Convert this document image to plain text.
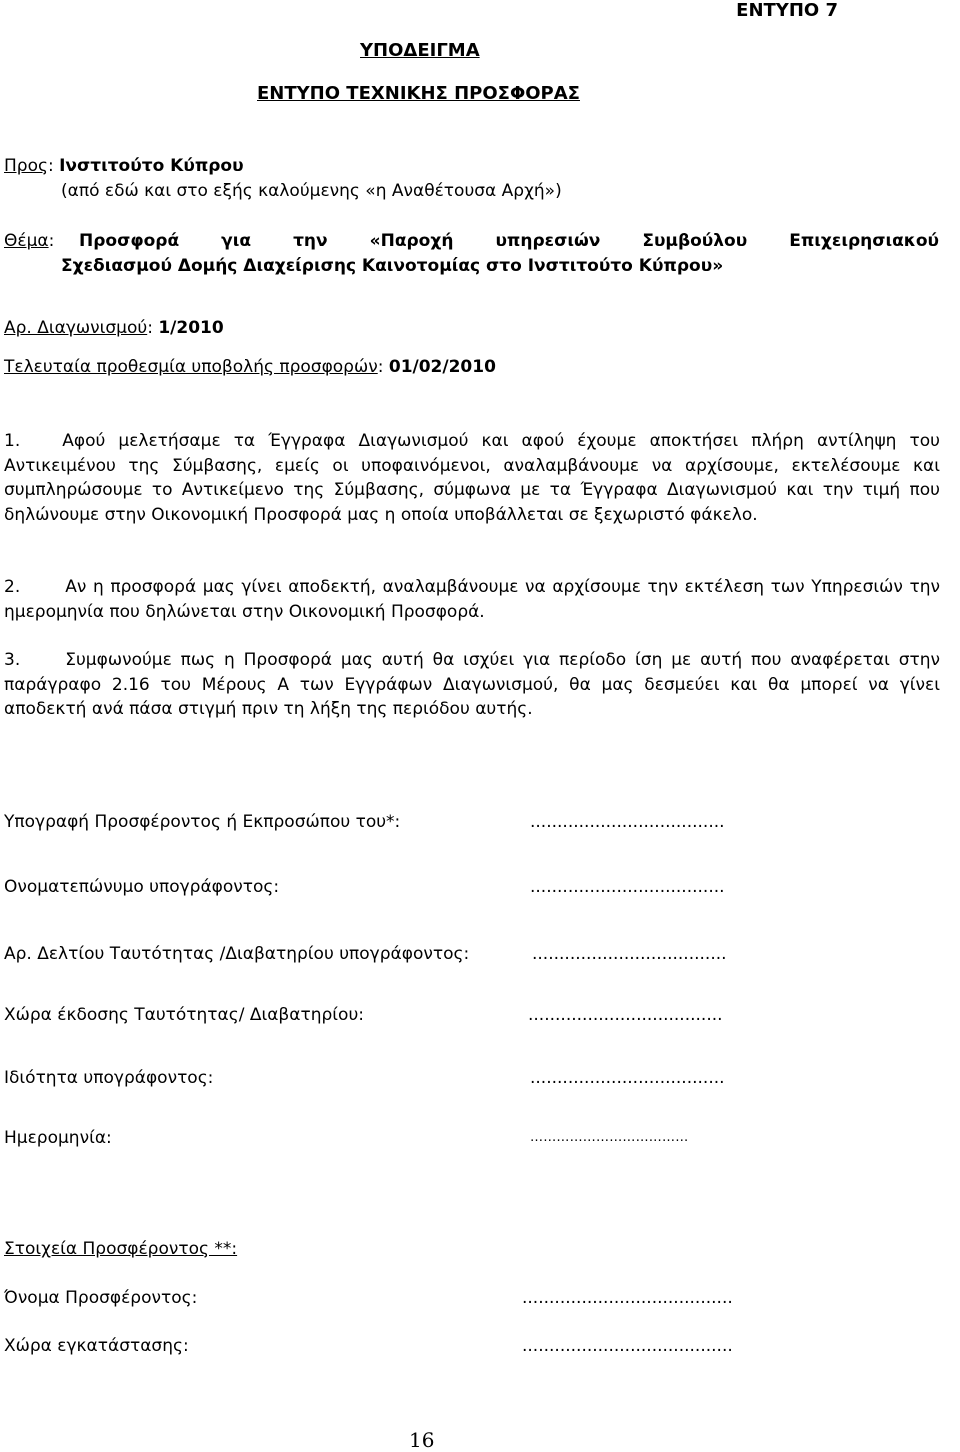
ΕΝΤΥΠΟ 7
ΥΠΟΔΕΙΓΜΑ
ΕΝΤΥΠΟ ΤΕΧΝΙΚΗΣ ΠΡΟΣΦΟΡΑΣ
Προς: Ινστιτούτο Κύπρου
(από εδώ και στο εξής καλούμενης «η Αναθέτουσα Αρχή»)
Θέμα: Προσφορά για την «Παροχή υπηρεσιών Συμβούλου Επιχειρησιακού
Σχεδιασμού Δομής Διαχείρισης Καινοτομίας στο Ινστιτούτο Κύπρου»
Αρ. Διαγωνισμού: 1/2010
Τελευταία προθεσμία υποβολής προσφορών: 01/02/2010
1. Αφού μελετήσαμε τα Έγγραφα Διαγωνισμού και αφού έχουμε αποκτήσει πλήρη αντίληψη του Αντικειμένου της Σύμβασης, εμείς οι υποφαινόμενοι, αναλαμβάνουμε να αρχίσουμε, εκτελέσουμε και συμπληρώσουμε το Αντικείμενο της Σύμβασης, σύμφωνα με τα Έγγραφα Διαγωνισμού και την τιμή που δηλώνουμε στην Οικονομική Προσφορά μας η οποία υποβάλλεται σε ξεχωριστό φάκελο.
2.	Αν η προσφορά μας γίνει αποδεκτή, αναλαμβάνουμε να αρχίσουμε την εκτέλεση των Υπηρεσιών την ημερομηνία που δηλώνεται στην Οικονομική Προσφορά.
3.	Συμφωνούμε πως η Προσφορά μας αυτή θα ισχύει για περίοδο ίση με αυτή που αναφέρεται στην παράγραφο 2.16 του Μέρους Α των Εγγράφων Διαγωνισμού, θα μας δεσμεύει και θα μπορεί να γίνει αποδεκτή ανά πάσα στιγμή πριν τη λήξη της περιόδου αυτής.
Υπογραφή Προσφέροντος ή Εκπροσώπου του*:	....................................
Ονοματεπώνυμο υπογράφοντος:	....................................
Αρ. Δελτίου Ταυτότητας /Διαβατηρίου υπογράφοντος:	....................................
Χώρα έκδοσης Ταυτότητας/ Διαβατηρίου:	....................................
Ιδιότητα υπογράφοντος:	....................................
Ημερομηνία:	………………………………
Στοιχεία Προσφέροντος **:
Όνομα Προσφέροντος:	.......................................
Χώρα εγκατάστασης:	.......................................
16
